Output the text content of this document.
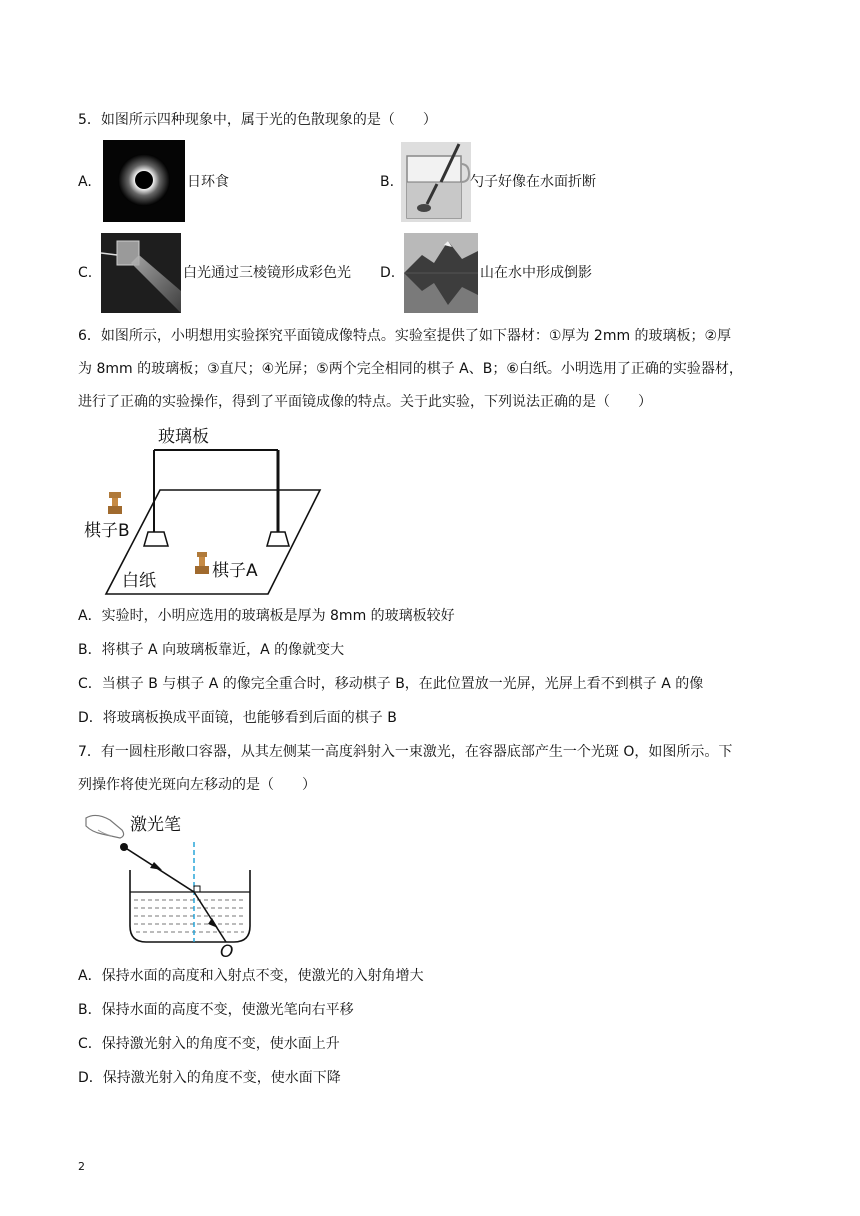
5．如图所示四种现象中，属于光的色散现象的是（　　）
A.	日环食	B.	勺子好像在水面折断
C.	白光通过三棱镜形成彩色光 D.	山在水中形成倒影
6．如图所示，小明想用实验探究平面镜成像特点。实验室提供了如下器材：①厚为 2mm 的玻璃板；②厚
为 8mm 的玻璃板；③直尺；④光屏；⑤两个完全相同的棋子 A、B；⑥白纸。小明选用了正确的实验器材，
进行了正确的实验操作，得到了平面镜成像的特点。关于此实验，下列说法正确的是（　　）
玻璃板
棋子B
棋子A
白纸
A．实验时，小明应选用的玻璃板是厚为 8mm 的玻璃板较好
B．将棋子 A 向玻璃板靠近，A 的像就变大
C．当棋子 B 与棋子 A 的像完全重合时，移动棋子 B，在此位置放一光屏，光屏上看不到棋子 A 的像
D．将玻璃板换成平面镜，也能够看到后面的棋子 B
7．有一圆柱形敞口容器，从其左侧某一高度斜射入一束激光，在容器底部产生一个光斑 O，如图所示。下
列操作将使光斑向左移动的是（　　）
激光笔
O
A．保持水面的高度和入射点不变，使激光的入射角增大
B．保持水面的高度不变，使激光笔向右平移
C．保持激光射入的角度不变，使水面上升
D．保持激光射入的角度不变，使水面下降
2
